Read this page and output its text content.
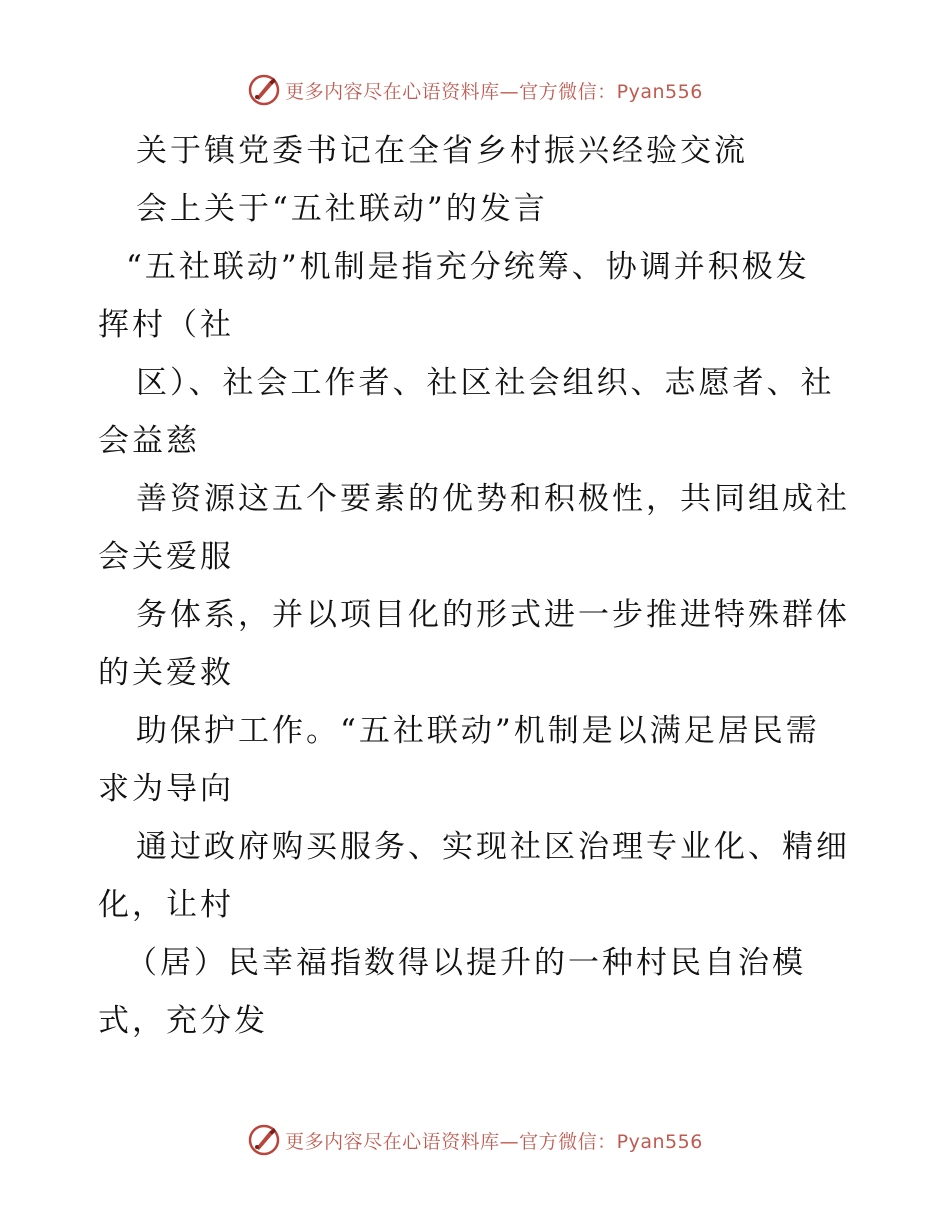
更多内容尽在心语资料库—官方微信：Pyan556
关于镇党委书记在全省乡村振兴经验交流
会上关于“五社联动”的发言
“五社联动”机制是指充分统筹、协调并积极发
挥村（社
区）、社会工作者、社区社会组织、志愿者、社
会益慈
善资源这五个要素的优势和积极性，共同组成社
会关爱服
务体系，并以项目化的形式进一步推进特殊群体
的关爱救
助保护工作。“五社联动”机制是以满足居民需
求为导向
通过政府购买服务、实现社区治理专业化、精细
化，让村
（居）民幸福指数得以提升的一种村民自治模
式，充分发
更多内容尽在心语资料库—官方微信：Pyan556
